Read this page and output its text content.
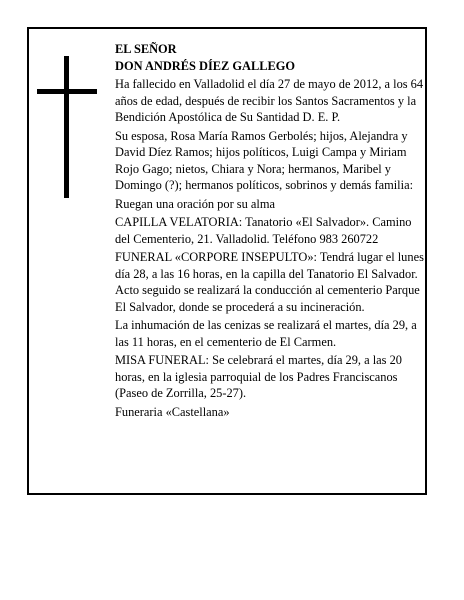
EL SEÑOR

DON ANDRÉS DÍEZ GALLEGO

Ha fallecido en Valladolid el día 27 de mayo de 2012, a los 64 años de edad, después de recibir los Santos Sacramentos y la Bendición Apostólica de Su Santidad D. E. P.

Su esposa, Rosa María Ramos Gerbolés; hijos, Alejandra y David Díez Ramos; hijos políticos, Luigi Campa y Miriam Rojo Gago; nietos, Chiara y Nora; hermanos, Maribel y Domingo (?); hermanos políticos, sobrinos y demás familia:

Ruegan una oración por su alma

CAPILLA VELATORIA: Tanatorio «El Salvador». Camino del Cementerio, 21. Valladolid. Teléfono 983 260722

FUNERAL «CORPORE INSEPULTO»: Tendrá lugar el lunes día 28, a las 16 horas, en la capilla del Tanatorio El Salvador. Acto seguido se realizará la conducción al cementerio Parque El Salvador, donde se procederá a su incineración.

La inhumación de las cenizas se realizará el martes, día 29, a las 11 horas, en el cementerio de El Carmen.

MISA FUNERAL: Se celebrará el martes, día 29, a las 20 horas, en la iglesia parroquial de los Padres Franciscanos (Paseo de Zorrilla, 25-27).

Funeraria «Castellana»
